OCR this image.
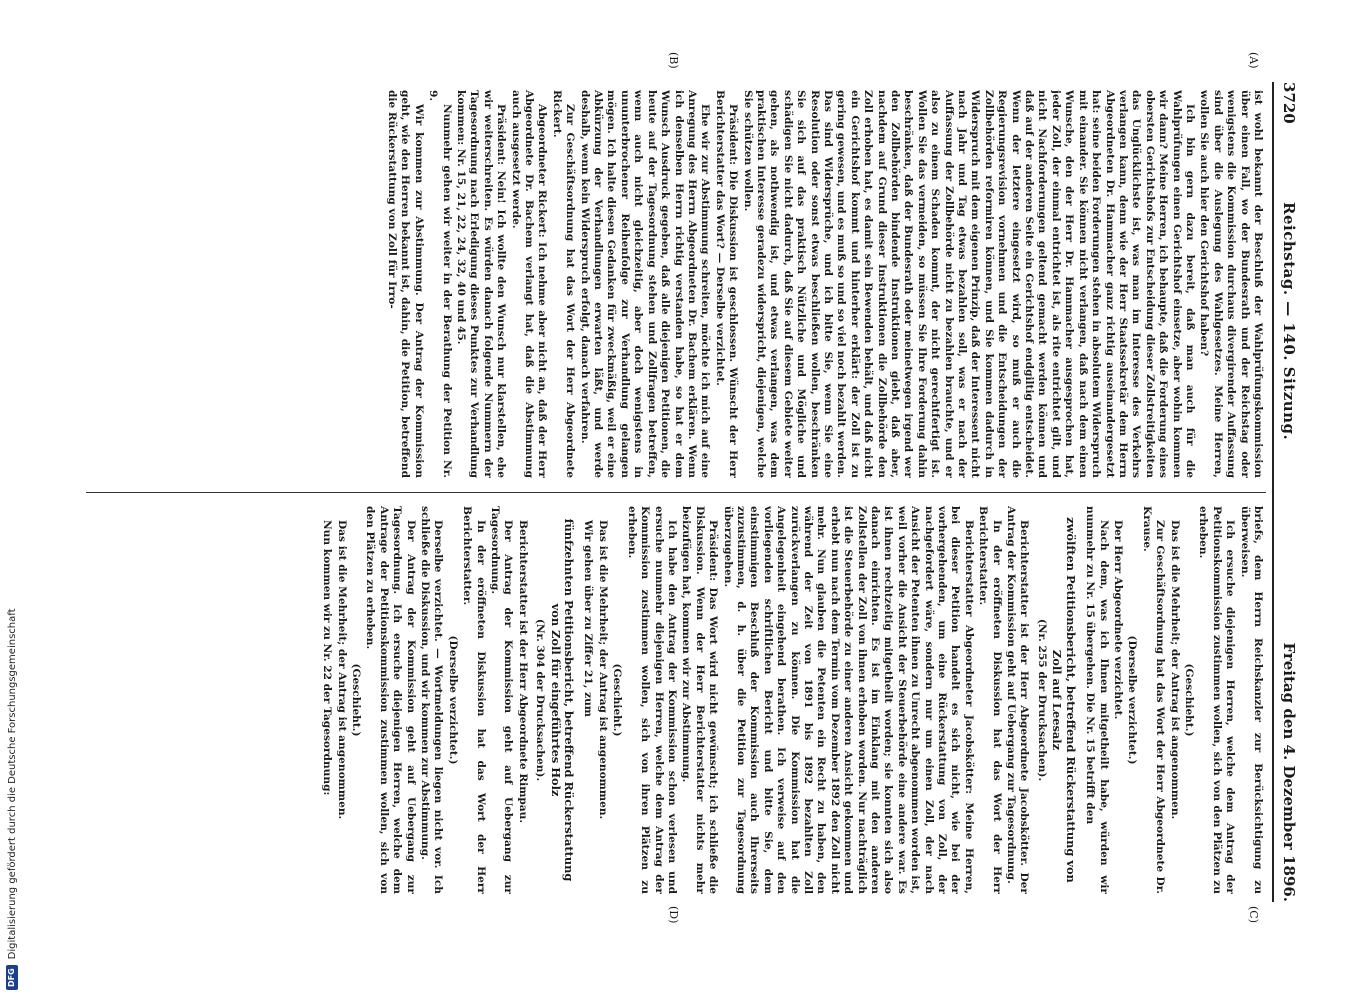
3720
Reichstag. — 140. Sitzung.
Freitag den 4. Dezember 1896.
(A)
(B)
(C)
(D)

ist wohl bekannt der Beschluß der Wahlprüfungskommission über einen Fall, wo der Bundesrath und der Reichstag oder wenigstens die Kommission durchaus divergirender Auffassung sind über die Auslegung des Wahlgesetzes. Meine Herren, wollen Sie auch hier den Gerichtshof haben?

Ich bin gern dazu bereit, daß man auch für die Wahlprüfungen einen Gerichtshof einsetze, aber wohin kommen wir dann? Meine Herren, ich behaupte, daß die Forderung eines obersten Gerichtshofs zur Entscheidung dieser Zollstreitigkeiten das Unglücklichste ist, was man im Interesse des Verkehrs verlangen kann, denn wie der Herr Staatssekretär dem Herrn Abgeordneten Dr. Hammacher ganz richtig auseinandergesetzt hat: seine beiden Forderungen stehen in absolutem Widerspruch mit einander. Sie können nicht verlangen, daß nach dem einen Wunsche, den der Herr Dr. Hammacher ausgesprochen hat, jeder Zoll, der einmal entrichtet ist, als rite entrichtet gilt, und nicht Nachforderungen geltend gemacht werden können und daß auf der anderen Seite ein Gerichtshof endgiltig entscheidet. Wenn der letztere eingesetzt wird, so muß er auch die Regierungsrevision vornehmen und die Entscheidungen der Zollbehörden reformiren können, und Sie kommen dadurch in Widerspruch mit dem eigenen Prinzip, daß der Interessent nicht nach Jahr und Tag etwas bezahlen soll, was er nach der Auffassung der Zollbehörde nicht zu bezahlen brauchte, und er also zu einem Schaden kommt, der nicht gerechtfertigt ist. Wollen Sie das vermeiden, so müssen Sie Ihre Forderung dahin beschränken, daß der Bundesrath oder meinetwegen irgend wer den Zollbehörden bindende Instruktionen giebt, daß aber, nachdem auf Grund dieser Instruktionen die Zollbehörde den Zoll erhoben hat, es damit sein Bewenden behält, und daß nicht ein Gerichtshof kommt und hinterher erklärt: der Zoll ist zu gering gewesen, und es muß so und so viel noch bezahlt werden. Das sind Widersprüche, und ich bitte Sie, wenn Sie eine Resolution oder sonst etwas beschließen wollen, beschränken Sie sich auf das praktisch Nützliche und Mögliche und schädigen Sie nicht dadurch, daß Sie auf diesem Gebiete weiter gehen, als nothwendig ist, und etwas verlangen, was dem praktischen Interesse geradezu widerspricht, diejenigen, welche Sie schützen wollen.

Präsident: Die Diskussion ist geschlossen. Wünscht der Herr Berichterstatter das Wort? — Derselbe verzichtet.

Ehe wir zur Abstimmung schreiten, möchte ich mich auf eine Anregung des Herrn Abgeordneten Dr. Bachem erklären. Wenn ich denselben Herrn richtig verstanden habe, so hat er dem Wunsch Ausdruck gegeben, daß alle diejenigen Petitionen, die heute auf der Tagesordnung stehen und Zollfragen betreffen, wenn auch nicht gleichzeitig, aber doch wenigstens in ununterbrochener Reihenfolge zur Verhandlung gelangen mögen. Ich halte diesen Gedanken für zweckmäßig, weil er eine Abkürzung der Verhandlungen erwarten läßt, und werde deshalb, wenn kein Widerspruch erfolgt, danach verfahren.

Zur Geschäftsordnung hat das Wort der Herr Abgeordnete Rickert.

Abgeordneter Rickert: Ich nehme aber nicht an, daß der Herr Abgeordnete Dr. Bachem verlangt hat, daß die Abstimmung auch ausgesetzt werde.

Präsident: Nein! Ich wollte den Wunsch nur klarstellen, ehe wir weiterschreiten. Es würden danach folgende Nummern der Tagesordnung nach Erledigung dieses Punktes zur Verhandlung kommen: Nr. 15, 21, 22, 24, 32, 40 und 45.

Nunmehr gehen wir weiter in der Berathung der Petition Nr. 9.

Wir kommen zur Abstimmung. Der Antrag der Kommission geht, wie den Herren bekannt ist, dahin, die Petition, betreffend die Rückerstattung von Zoll für Irro-

briefs, dem Herrn Reichskanzler zur Berücksichtigung zu überweisen.

Ich ersuche diejenigen Herren, welche dem Antrag der Petitionskommission zustimmen wollen, sich von den Plätzen zu erheben.

(Geschieht.)

Das ist die Mehrheit; der Antrag ist angenommen.

Zur Geschäftsordnung hat das Wort der Herr Abgeordnete Dr. Krause.

(Derselbe verzichtet.)

Der Herr Abgeordnete verzichtet.

Nach dem, was ich Ihnen mitgetheilt habe, würden wir nunmehr zu Nr. 15 übergehen. Die Nr. 15 betrifft den

zwölften Petitionsbericht, betreffend Rückerstattung von Zoll auf Leesalz

(Nr. 255 der Drucksachen).

Berichterstatter ist der Herr Abgeordnete Jacobskötter. Der Antrag der Kommission geht auf Uebergang zur Tagesordnung.

In der eröffneten Diskussion hat das Wort der Herr Berichterstatter.

Berichterstatter Abgeordneter Jacobskötter: Meine Herren, bei dieser Petition handelt es sich nicht, wie bei der vorhergehenden, um eine Rückerstattung von Zoll, der nachgefordert wäre, sondern nur um einen Zoll, der nach Ansicht der Petenten ihnen zu Unrecht abgenommen worden ist, weil vorher die Ansicht der Steuerbehörde eine andere war. Es ist ihnen rechtzeitig mitgetheilt worden; sie konnten sich also danach einrichten. Es ist im Einklang mit den anderen Zollstellen der Zoll von ihnen erhoben worden. Nur nachträglich ist die Steuerbehörde zu einer anderen Ansicht gekommen und erhebt nun nach dem Termin vom Dezember 1892 den Zoll nicht mehr. Nun glauben die Petenten ein Recht zu haben, den während der Zeit von 1891 bis 1892 bezahlten Zoll zurückverlangen zu können. Die Kommission hat die Angelegenheit eingehend berathen. Ich verweise auf den vorliegenden schriftlichen Bericht und bitte Sie, dem einstimmigen Beschluß der Kommission auch Ihrerseits zuzustimmen, d. h. über die Petition zur Tagesordnung überzugehen.

Präsident: Das Wort wird nicht gewünscht; ich schließe die Diskussion. Wenn der Herr Berichterstatter nichts mehr beizufügen hat, kommen wir zur Abstimmung.

Ich habe den Antrag der Kommission schon verlesen und ersuche nunmehr diejenigen Herren, welche dem Antrag der Kommission zustimmen wollen, sich von ihren Plätzen zu erheben.

(Geschieht.)

Das ist die Mehrheit; der Antrag ist angenommen.

Wir gehen über zu Ziffer 21, zum

fünfzehnten Petitionsbericht, betreffend Rückerstattung von Zoll für eingeführtes Holz

(Nr. 304 der Drucksachen).

Berichterstatter ist der Herr Abgeordnete Rimpau.

Der Antrag der Kommission geht auf Uebergang zur Tagesordnung.

In der eröffneten Diskussion hat das Wort der Herr Berichterstatter.

(Derselbe verzichtet.)

Derselbe verzichtet. — Wortmeldungen liegen nicht vor. Ich schließe die Diskussion, und wir kommen zur Abstimmung.

Der Antrag der Kommission geht auf Uebergang zur Tagesordnung. Ich ersuche diejenigen Herren, welche dem Antrage der Petitionskommission zustimmen wollen, sich von den Plätzen zu erheben.

(Geschieht.)

Das ist die Mehrheit; der Antrag ist angenommen.

Nun kommen wir zu Nr. 22 der Tagesordnung:

DFG
Digitalisierung gefördert durch die Deutsche Forschungsgemeinschaft
